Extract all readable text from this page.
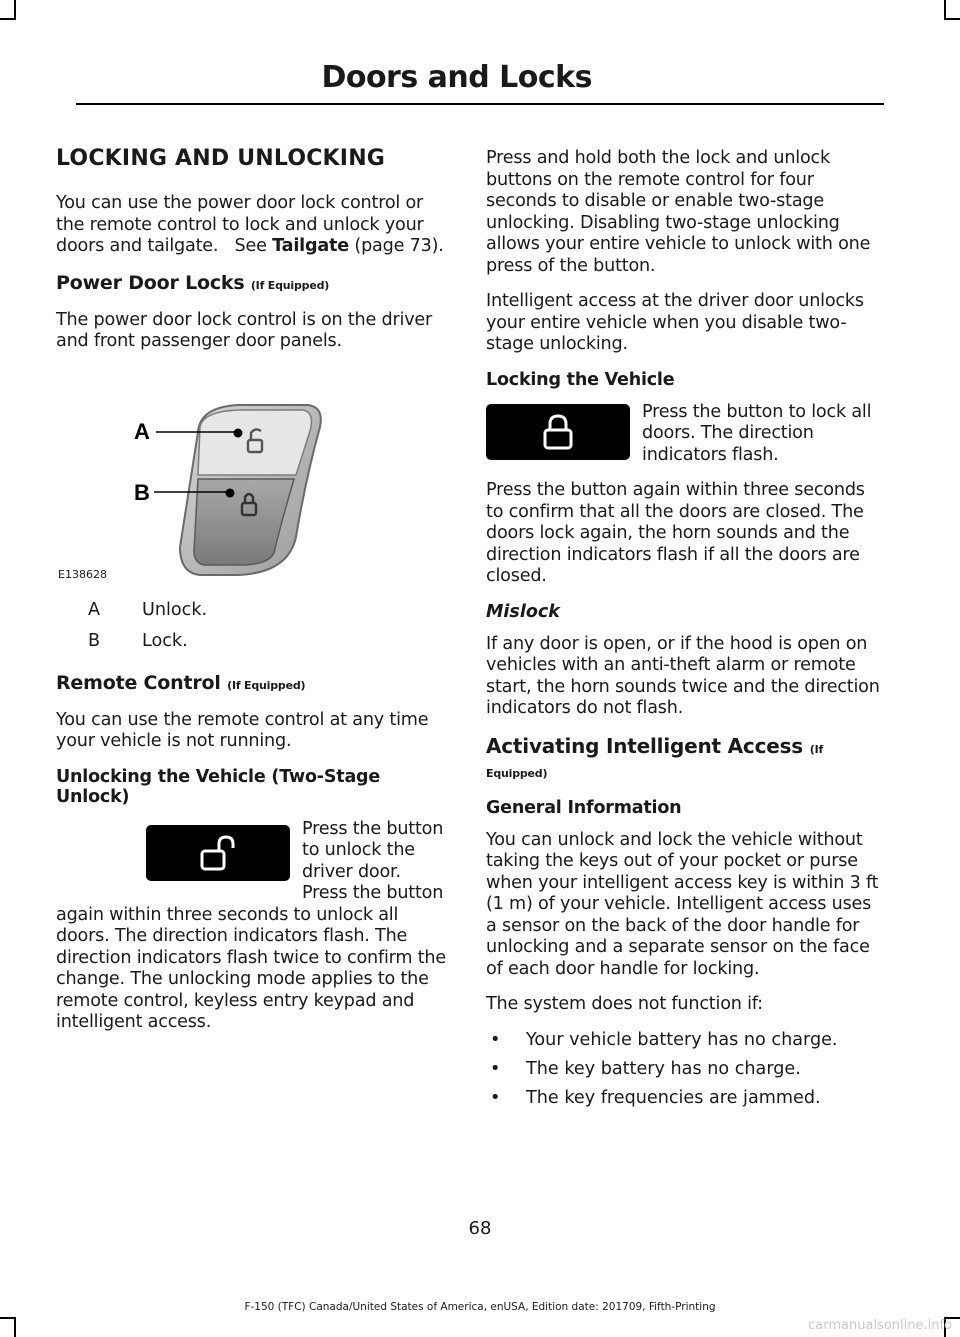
Doors and Locks
LOCKING AND UNLOCKING

You can use the power door lock control or the remote control to lock and unlock your doors and tailgate. See Tailgate (page 73).

Power Door Locks (If Equipped)

The power door lock control is on the driver and front passenger door panels.

A
B
E138628
A	Unlock.
B	Lock.
Remote Control (If Equipped)

You can use the remote control at any time your vehicle is not running.

Unlocking the Vehicle (Two-Stage Unlock)

Press the button to unlock the driver door. Press the button again within three seconds to unlock all doors. The direction indicators flash. The direction indicators flash twice to confirm the change. The unlocking mode applies to the remote control, keyless entry keypad and intelligent access.

Press and hold both the lock and unlock buttons on the remote control for four seconds to disable or enable two-stage unlocking. Disabling two-stage unlocking allows your entire vehicle to unlock with one press of the button.

Intelligent access at the driver door unlocks your entire vehicle when you disable two-stage unlocking.

Locking the Vehicle

Press the button to lock all doors. The direction indicators flash.

Press the button again within three seconds to confirm that all the doors are closed. The doors lock again, the horn sounds and the direction indicators flash if all the doors are closed.

Mislock

If any door is open, or if the hood is open on vehicles with an anti-theft alarm or remote start, the horn sounds twice and the direction indicators do not flash.

Activating Intelligent Access (If Equipped)
General Information

You can unlock and lock the vehicle without taking the keys out of your pocket or purse when your intelligent access key is within 3 ft (1 m) of your vehicle. Intelligent access uses a sensor on the back of the door handle for unlocking and a separate sensor on the face of each door handle for locking.

The system does not function if:

•	Your vehicle battery has no charge.
•	The key battery has no charge.
•	The key frequencies are jammed.
68
F-150 (TFC) Canada/United States of America, enUSA, Edition date: 201709, Fifth-Printing
carmanualsonline.info
